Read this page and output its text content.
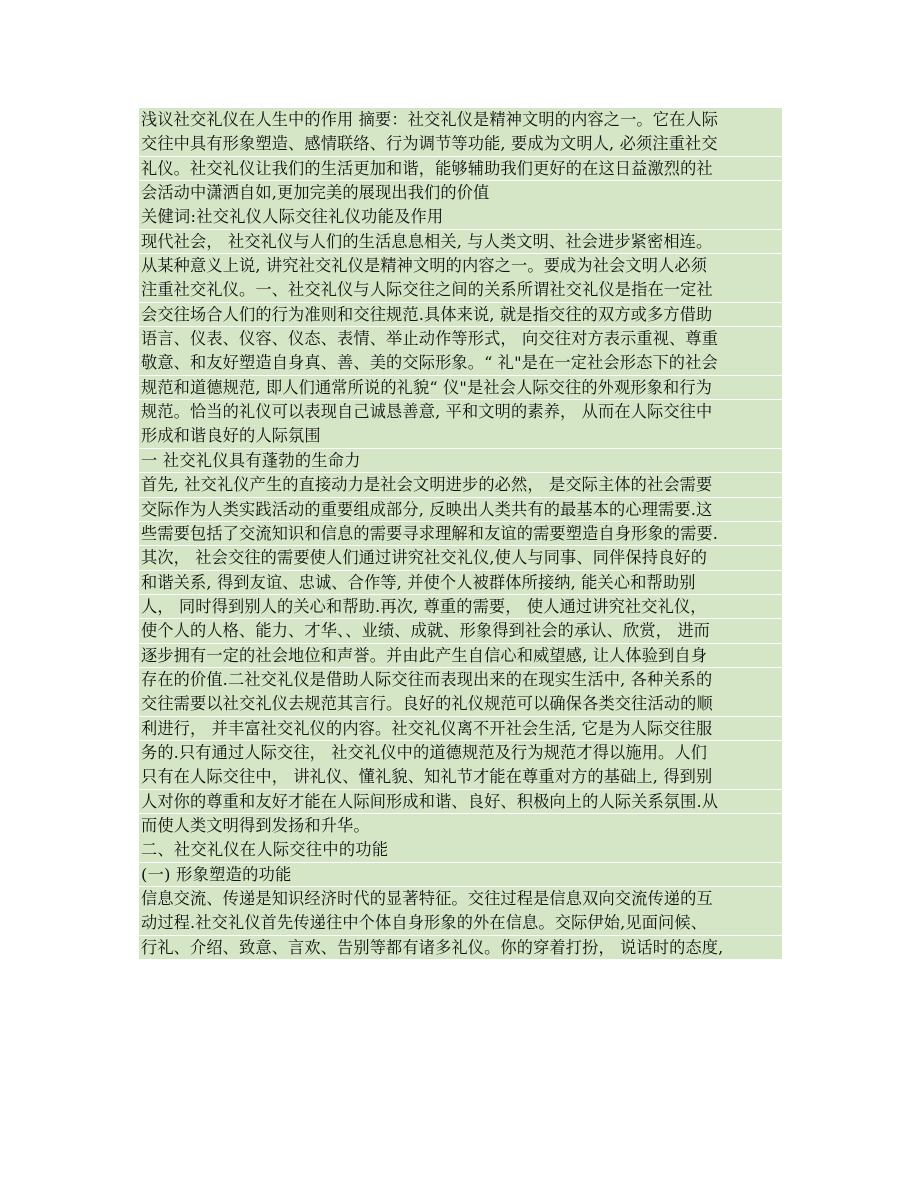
浅议社交礼仪在人生中的作用 摘要：社交礼仪是精神文明的内容之一。它在人际
交往中具有形象塑造、感情联络、行为调节等功能, 要成为文明人, 必须注重社交
礼仪。社交礼仪让我们的生活更加和谐，能够辅助我们更好的在这日益激烈的社
会活动中潇洒自如,更加完美的展现出我们的价值
关健词:社交礼仪人际交往礼仪功能及作用
现代社会， 社交礼仪与人们的生活息息相关, 与人类文明、社会进步紧密相连。
从某种意义上说, 讲究社交礼仪是精神文明的内容之一。要成为社会文明人必须
注重社交礼仪。一、社交礼仪与人际交往之间的关系所谓社交礼仪是指在一定社
会交往场合人们的行为准则和交往规范.具体来说, 就是指交往的双方或多方借助
语言、仪表、仪容、仪态、表情、举止动作等形式， 向交往对方表示重视、尊重
敬意、和友好塑造自身真、善、美的交际形象。“ 礼"是在一定社会形态下的社会
规范和道德规范, 即人们通常所说的礼貌“ 仪"是社会人际交往的外观形象和行为
规范。恰当的礼仪可以表现自己诚恳善意, 平和文明的素养， 从而在人际交往中
形成和谐良好的人际氛围
一 社交礼仪具有蓬勃的生命力
首先, 社交礼仪产生的直接动力是社会文明进步的必然， 是交际主体的社会需要
交际作为人类实践活动的重要组成部分, 反映出人类共有的最基本的心理需要.这
些需要包括了交流知识和信息的需要寻求理解和友谊的需要塑造自身形象的需要.
其次， 社会交往的需要使人们通过讲究社交礼仪,使人与同事、同伴保持良好的
和谐关系, 得到友谊、忠诚、合作等, 并使个人被群体所接纳, 能关心和帮助别
人， 同时得到别人的关心和帮助.再次, 尊重的需要， 使人通过讲究社交礼仪，
使个人的人格、能力、才华、、业绩、成就、形象得到社会的承认、欣赏， 进而
逐步拥有一定的社会地位和声誉。并由此产生自信心和威望感, 让人体验到自身
存在的价值.二社交礼仪是借助人际交往而表现出来的在现实生活中, 各种关系的
交往需要以社交礼仪去规范其言行。良好的礼仪规范可以确保各类交往活动的顺
利进行， 并丰富社交礼仪的内容。社交礼仪离不开社会生活, 它是为人际交往服
务的.只有通过人际交往， 社交礼仪中的道德规范及行为规范才得以施用。人们
只有在人际交往中， 讲礼仪、懂礼貌、知礼节才能在尊重对方的基础上, 得到别
人对你的尊重和友好才能在人际间形成和谐、良好、积极向上的人际关系氛围.从
而使人类文明得到发扬和升华。
二、社交礼仪在人际交往中的功能
(一) 形象塑造的功能
信息交流、传递是知识经济时代的显著特征。交往过程是信息双向交流传递的互
动过程.社交礼仪首先传递往中个体自身形象的外在信息。交际伊始,见面问候、
行礼、介绍、致意、言欢、告别等都有诸多礼仪。你的穿着打扮， 说话时的态度,
